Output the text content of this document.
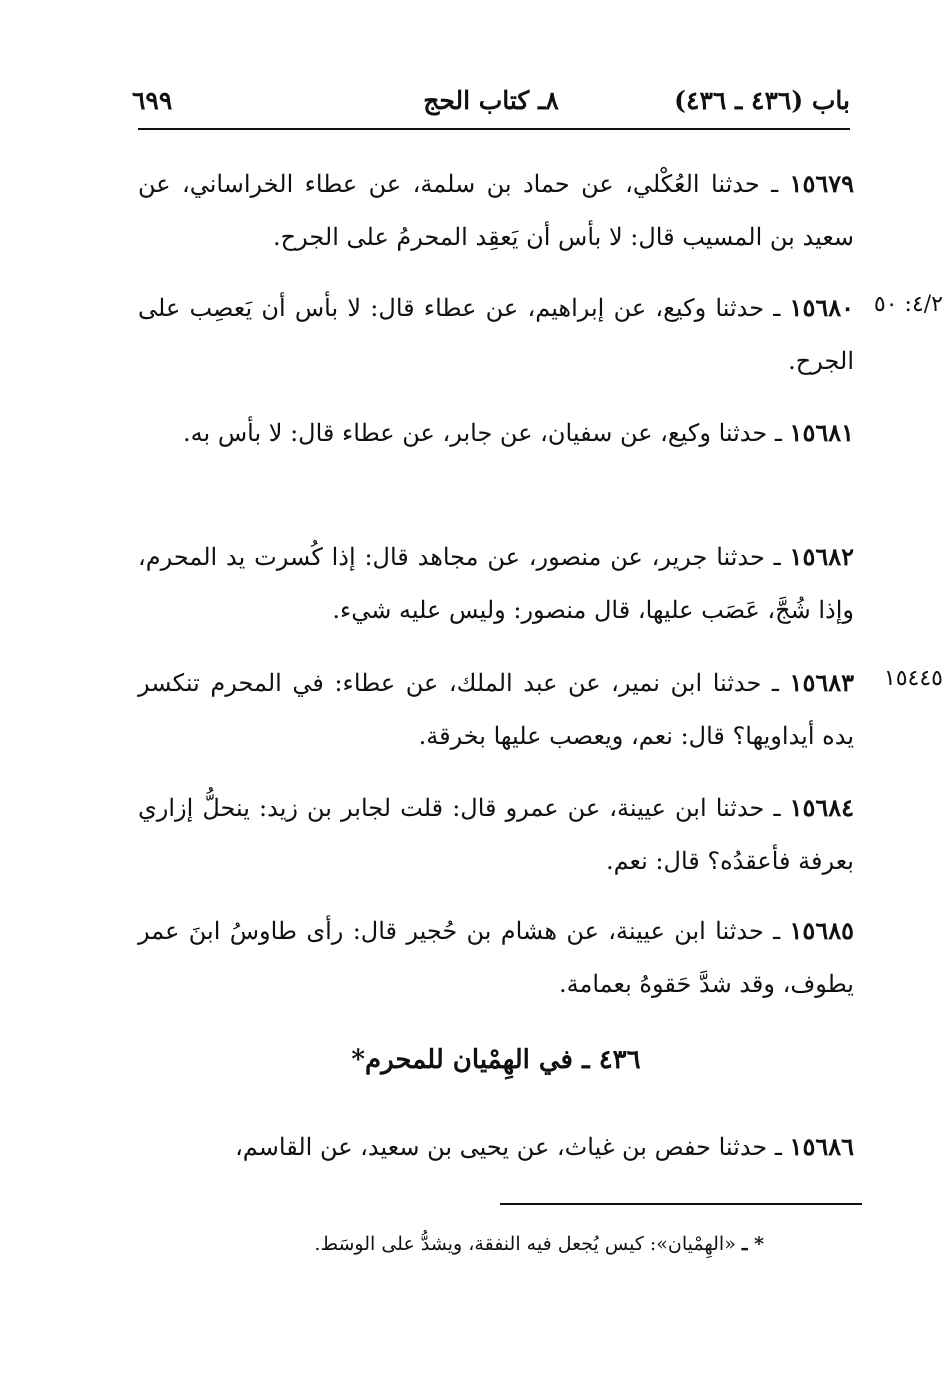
باب (٤٣٦ ـ ٤٣٦)
٨ـ كتاب الحج
٦٩٩
١٥٦٧٩ ـ حدثنا العُكْلي، عن حماد بن سلمة، عن عطاء الخراساني، عن سعيد بن المسيب قال: لا بأس أن يَعقِد المحرمُ على الجرح.
١٥٦٨٠ ـ حدثنا وكيع، عن إبراهيم، عن عطاء قال: لا بأس أن يَعصِب على الجرح.
٤/٢: ٥٠
١٥٦٨١ ـ حدثنا وكيع، عن سفيان، عن جابر، عن عطاء قال: لا بأس به.
١٥٦٨٢ ـ حدثنا جرير، عن منصور، عن مجاهد قال: إذا كُسرت يد المحرم، وإذا شُجَّ، عَصَب عليها، قال منصور: وليس عليه شيء.
١٥٦٨٣ ـ حدثنا ابن نمير، عن عبد الملك، عن عطاء: في المحرم تنكسر يده أيداويها؟ قال: نعم، ويعصب عليها بخرقة.
١٥٤٤٥
١٥٦٨٤ ـ حدثنا ابن عيينة، عن عمرو قال: قلت لجابر بن زيد: ينحلُّ إزاري بعرفة فأعقدُه؟ قال: نعم.
١٥٦٨٥ ـ حدثنا ابن عيينة، عن هشام بن حُجير قال: رأى طاوسُ ابنَ عمر يطوف، وقد شدَّ حَقوهُ بعمامة.
٤٣٦ ـ في الهِمْيان للمحرم*
١٥٦٨٦ ـ حدثنا حفص بن غياث، عن يحيى بن سعيد، عن القاسم،
* ـ «الهِمْيان»: كيس يُجعل فيه النفقة، ويشدُّ على الوسَط.
